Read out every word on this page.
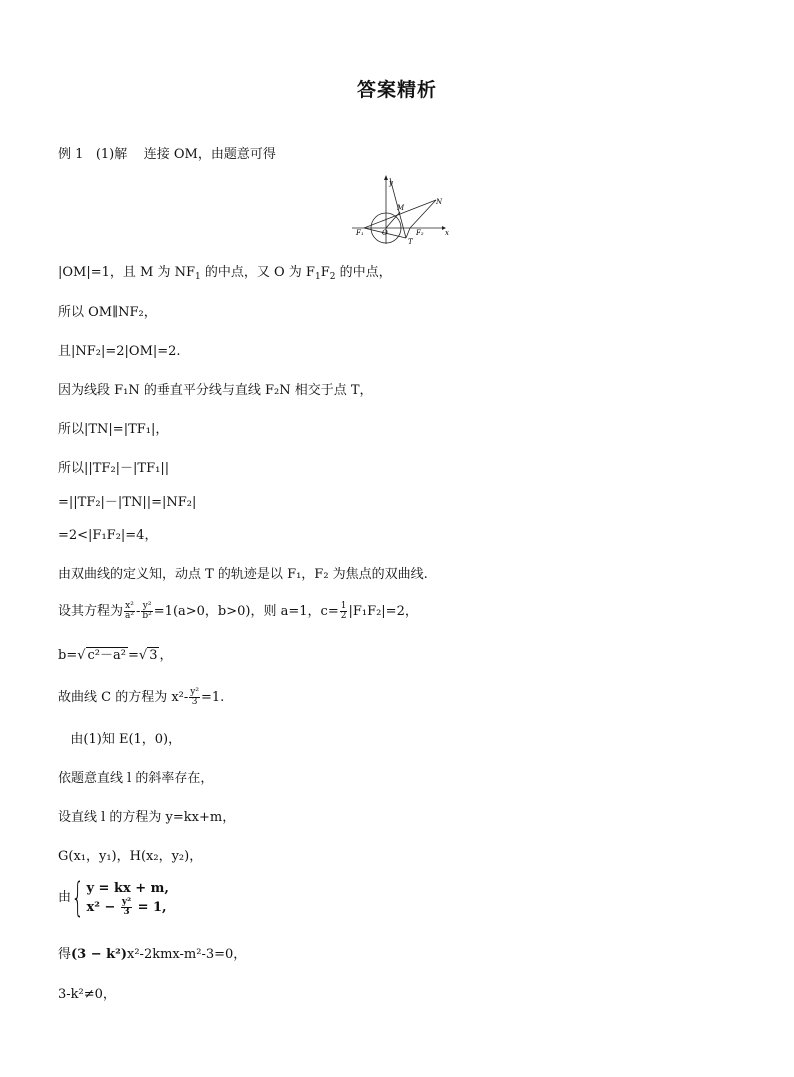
答案精析
例 1 (1)解 连接 OM，由题意可得
y
x
M
N
F₁	O	F₂
T
|OM|=1，且 M 为 $NF_1$ 的中点，又 O 为 $F_1F_2$ 的中点，
所以 OM∥NF₂，
且|NF₂|=2|OM|=2.
因为线段 F₁N 的垂直平分线与直线 F₂N 相交于点 T，
所以|TN|=|TF₁|，
所以||TF₂|－|TF₁||
=||TF₂|－|TN||=|NF₂|
=2<|F₁F₂|=4，
由双曲线的定义知，动点 T 的轨迹是以 F₁，F₂ 为焦点的双曲线.
设其方程为 $\frac{\text{x²}}{\text{a²}} - \frac{\text{y²}}{\text{b²}} =1(a>0$，b>0)，则 a=1，$c= \frac{1}{2} |F_1F_2|=2$，
b=√ c²－a² =√ 3 ，
故曲线 C 的方程为 $x^2- \frac{\text{y²}}{3} =1$.
由(1)知 E(1，0)，
依题意直线 l 的斜率存在，
设直线 l 的方程为 y=kx+m，
G(x₁，y₁)，H(x₂，y₂)，
由 { y = kx + m,
$x^2 - \frac{\text{y²}}{3} = 1$,
得(3 − k²)x²-2kmx-m²-3=0，
3-k²≠0，
